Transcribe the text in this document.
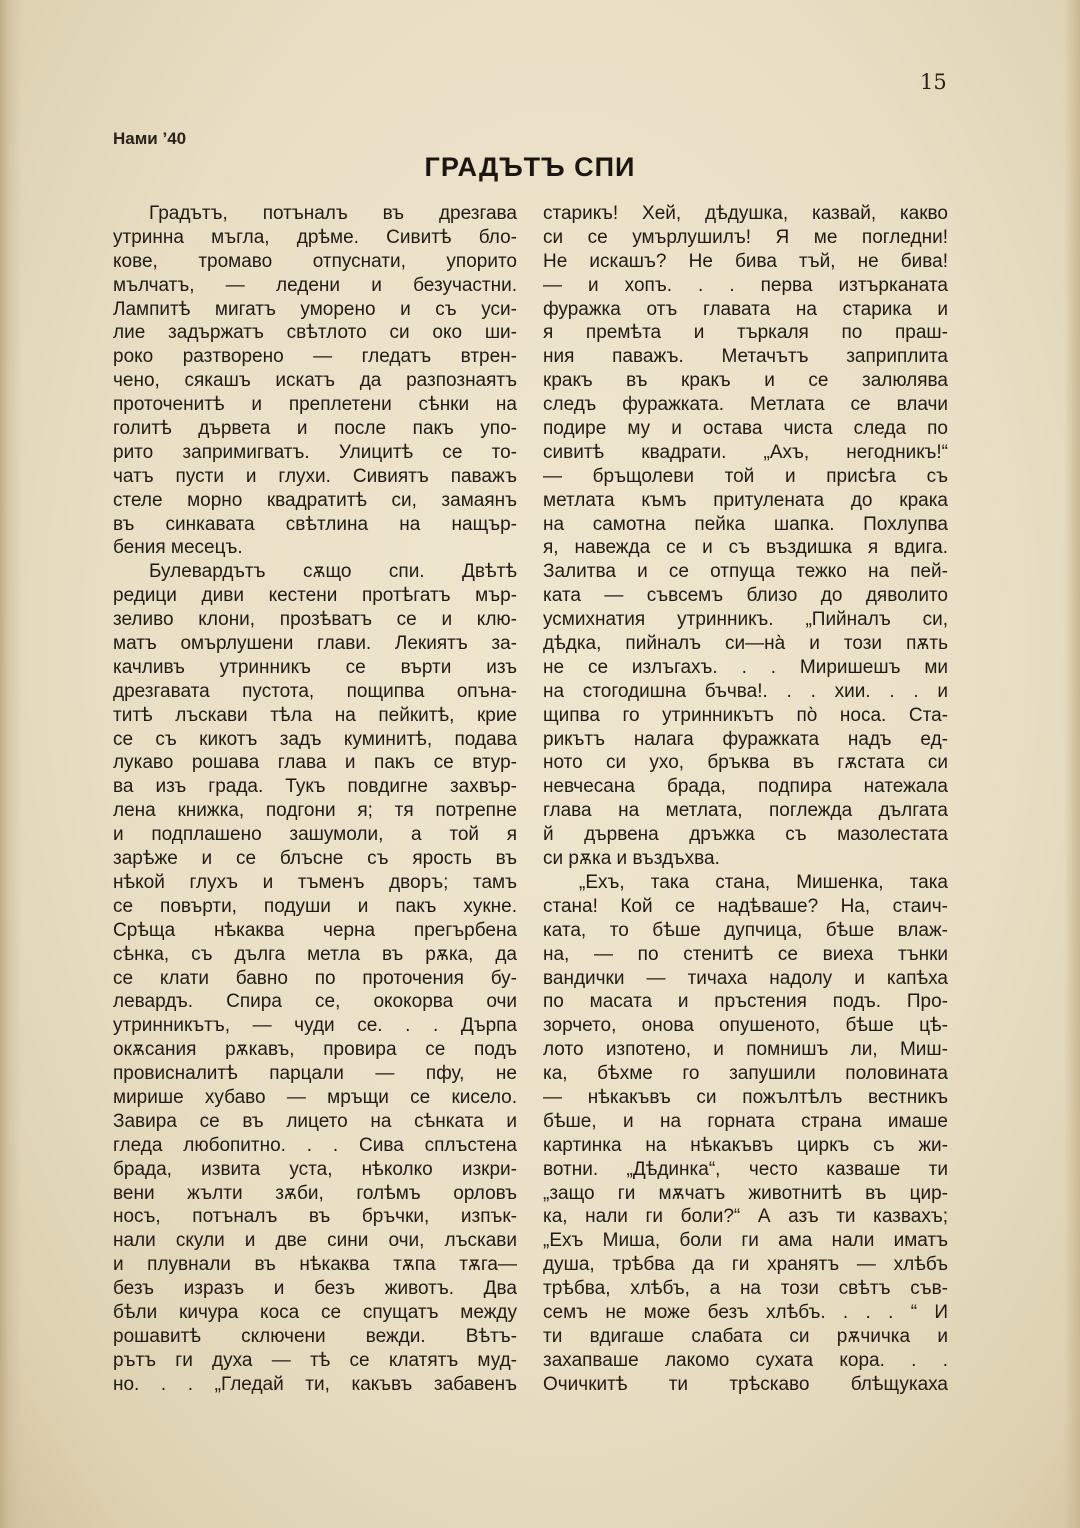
15
Нами ’40
ГРАДЪТЪ СПИ
Градътъ, потъналъ въ дрезгава
утринна мъгла, дрѣме. Сивитѣ бло-
кове, тромаво отпуснати, упорито
мълчатъ, — ледени и безучастни.
Лампитѣ мигатъ уморено и съ уси-
лие задържатъ свѣтлото си око ши-
роко разтворено — гледатъ втрен-
чено, сякашъ искатъ да разпознаятъ
проточенитѣ и преплетени сѣнки на
голитѣ дървета и после пакъ упо-
рито запримигватъ. Улицитѣ се то-
чатъ пусти и глухи. Сивиятъ паважъ
стеле морно квадратитѣ си, замаянъ
въ синкавата свѣтлина на нащър-
бения месецъ.
Булевардътъ сѫщо спи. Двѣтѣ
редици диви кестени протѣгатъ мър-
зеливо клони, прозѣватъ се и клю-
матъ омърлушени глави. Лекиятъ за-
качливъ утринникъ се върти изъ
дрезгавата пустота, пощипва опъна-
титѣ лъскави тѣла на пейкитѣ, крие
се съ кикотъ задъ куминитѣ, подава
лукаво рошава глава и пакъ се втур-
ва изъ града. Тукъ повдигне захвър-
лена книжка, подгони я; тя потрепне
и подплашено зашумоли, а той я
зарѣже и се блъсне съ ярость въ
нѣкой глухъ и тъменъ дворъ; тамъ
се повърти, подуши и пакъ хукне.
Срѣща нѣкаква черна прегърбена
сѣнка, съ дълга метла въ рѫка, да
се клати бавно по проточения бу-
левардъ. Спира се, ококорва очи
утринникътъ, — чуди се. . . Дърпа
окѫсания рѫкавъ, провира се подъ
провисналитѣ парцали — пфу, не
мирише хубаво — мръщи се кисело.
Завира се въ лицето на сѣнката и
гледа любопитно. . . Сива сплъстена
брада, извита уста, нѣколко изкри-
вени жълти зѫби, голѣмъ орловъ
носъ, потъналъ въ бръчки, изпък-
нали скули и две сини очи, лъскави
и плувнали въ нѣкаква тѫпа тѫга—
безъ изразъ и безъ животъ. Два
бѣли кичура коса се спущатъ между
рошавитѣ сключени вежди. Вѣтъ-
рътъ ги духа — тѣ се клатятъ муд-
но. . . „Гледай ти, какъвъ забавенъ
старикъ! Хей, дѣдушка, казвай, какво
си се умърлушилъ! Я ме погледни!
Не искашъ? Не бива тъй, не бива!
— и хопъ. . . перва изтърканата
фуражка отъ главата на старика и
я премѣта и търкаля по праш-
ния паважъ. Метачътъ заприплита
кракъ въ кракъ и се залюлява
следъ фуражката. Метлата се влачи
подире му и остава чиста следа по
сивитѣ квадрати. „Ахъ, негодникъ!“
— бръщолеви той и присѣга съ
метлата къмъ притулената до крака
на самотна пейка шапка. Похлупва
я, навежда се и съ въздишка я вдига.
Залитва и се отпуща тежко на пей-
ката — съвсемъ близо до дяволито
усмихнатия утринникъ. „Пийналъ си,
дѣдка, пийналъ си—на̀ и този пѫть
не се излъгахъ. . . Миришешъ ми
на стогодишна бъчва!. . . хии. . . и
щипва го утринникътъ по̀ носа. Ста-
рикътъ налага фуражката надъ ед-
ното си ухо, бръква въ гѫстата си
невчесана брада, подпира натежала
глава на метлата, поглежда дългата
й дървена дръжка съ мазолестата
си рѫка и въздъхва.
„Ехъ, така стана, Мишенка, така
стана! Кой се надѣваше? На, стаич-
ката, то бѣше дупчица, бѣше влаж-
на, — по стенитѣ се виеха тънки
вандички — тичаха надолу и капѣха
по масата и пръстения подъ. Про-
зорчето, онова опушеното, бѣше цѣ-
лото изпотено, и помнишъ ли, Миш-
ка, бѣхме го запушили половината
— нѣкакъвъ си пожълтѣлъ вестникъ
бѣше, и на горната страна имаше
картинка на нѣкакъвъ циркъ съ жи-
вотни. „Дѣдинка“, често казваше ти
„защо ги мѫчатъ животнитѣ въ цир-
ка, нали ги боли?“ А азъ ти казвахъ;
„Ехъ Миша, боли ги ама нали иматъ
душа, трѣбва да ги хранятъ — хлѣбъ
трѣбва, хлѣбъ, а на този свѣтъ съв-
семъ не може безъ хлѣбъ. . . . “ И
ти вдигаше слабата си рѫчичка и
захапваше лакомо сухата кора. . .
Очичкитѣ ти трѣскаво блѣщукаха
